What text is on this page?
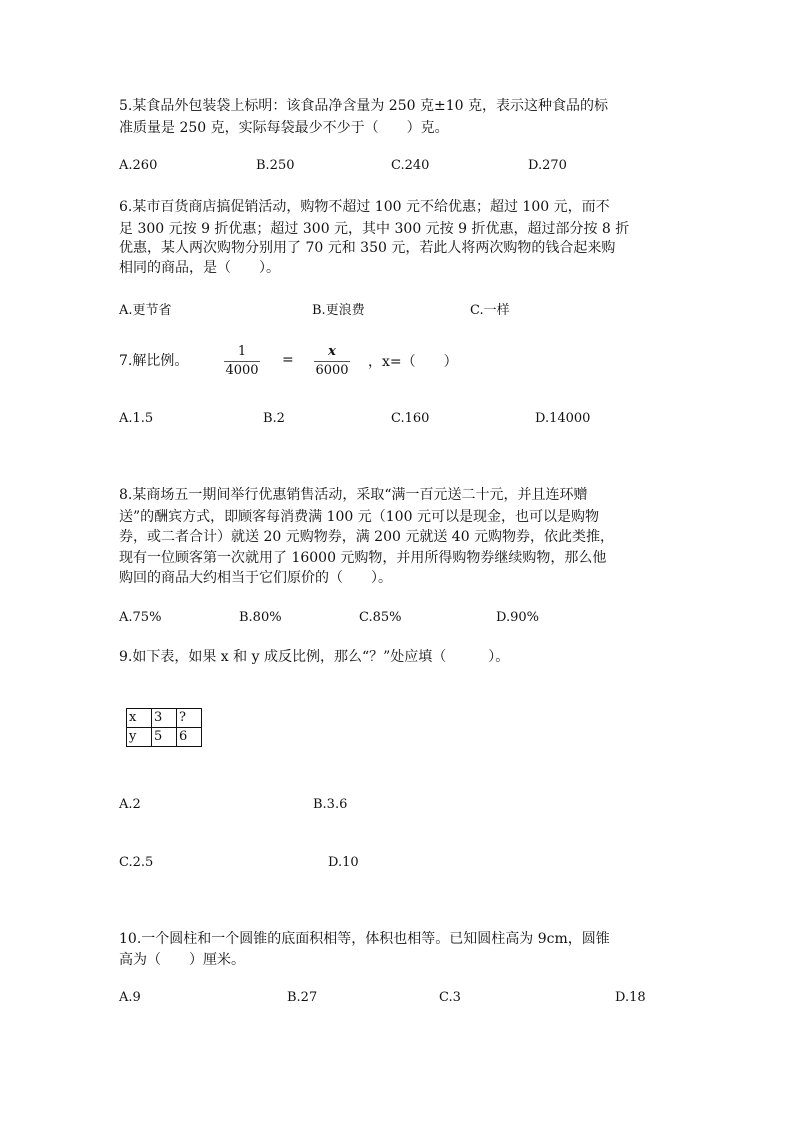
5.某食品外包装袋上标明：该食品净含量为 250 克±10 克，表示这种食品的标
准质量是 250 克，实际每袋最少不少于（　　）克。
A.260	B.250	C.240	D.270
6.某市百货商店搞促销活动，购物不超过 100 元不给优惠；超过 100 元，而不
足 300 元按 9 折优惠；超过 300 元，其中 300 元按 9 折优惠，超过部分按 8 折
优惠，某人两次购物分别用了 70 元和 350 元，若此人将两次购物的钱合起来购
相同的商品，是（　　）。
A.更节省	B.更浪费	C.一样
7.解比例。
1
4000
=
x
6000
，x=（　　）
A.1.5	B.2	C.160	D.14000
8.某商场五一期间举行优惠销售活动，采取“满一百元送二十元，并且连环赠
送”的酬宾方式，即顾客每消费满 100 元（100 元可以是现金，也可以是购物
券，或二者合计）就送 20 元购物券，满 200 元就送 40 元购物券，依此类推，
现有一位顾客第一次就用了 16000 元购物，并用所得购物券继续购物，那么他
购回的商品大约相当于它们原价的（　　）。
A.75%	B.80%	C.85%	D.90%
9.如下表，如果 x 和 y 成反比例，那么“？”处应填（　　　）。
x	3	?
y	5	6
A.2	B.3.6
C.2.5	D.10
10.一个圆柱和一个圆锥的底面积相等，体积也相等。已知圆柱高为 9cm，圆锥
高为（　　）厘米。
A.9	B.27	C.3	D.18
